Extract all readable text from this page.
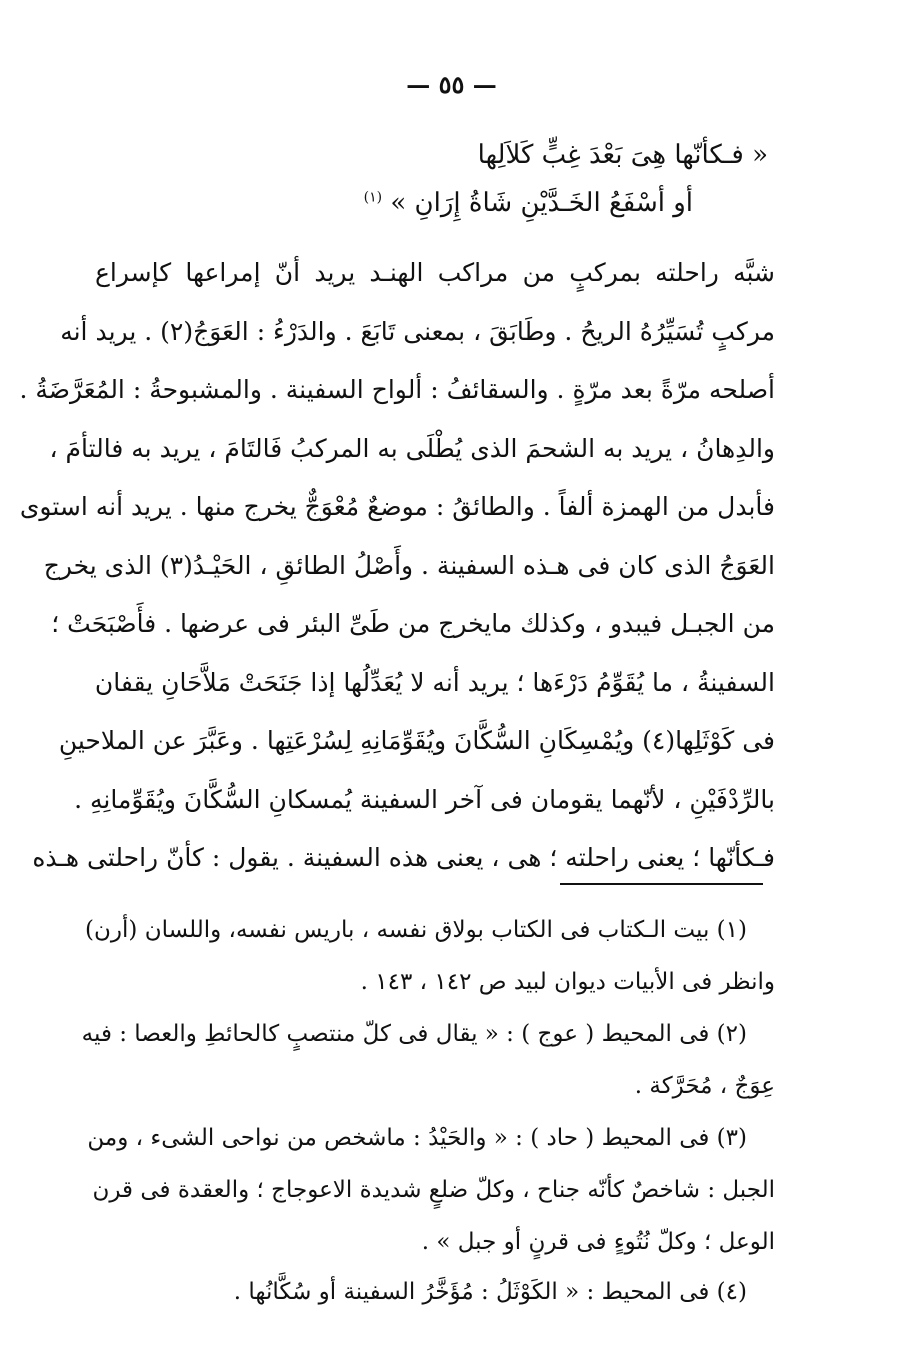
— ٥٥ —
« فـكأنّها هِىَ بَعْدَ غِبٍّ كَلاَلِها
أو أسْفَعُ الخَـدَّيْنِ شَاةُ إِرَانِ » $^{(١)}$
شبَّه راحلته بمركبٍ من مراكب الهنـد يريد أنّ إمراعها كإسراع
مركبٍ تُسَيِّرُهُ الريحُ . وطَابَقَ ، بمعنى تَابَعَ . والدَرْءُ : العَوَجُ(٢) . يريد أنه
أصلحه مرّةً بعد مرّةٍ . والسقائفُ : ألواح السفينة . والمشبوحةُ : المُعَرَّضَةُ .
والدِهانُ ، يريد به الشحمَ الذى يُطْلَى به المركبُ فَالتَامَ ، يريد به فالتأمَ ،
فأبدل من الهمزة ألفاً . والطائقُ : موضعٌ مُعْوَجٌّ يخرج منها . يريد أنه استوى
العَوَجُ الذى كان فى هـذه السفينة . وأَصْلُ الطائقِ ، الحَيْـدُ(٣) الذى يخرج
من الجبـل فيبدو ، وكذلك مايخرج من طَىِّ البئر فى عرضها . فأَصْبَحَتْ ؛
السفينةُ ، ما يُقَوِّمُ دَرْءَها ؛ يريد أنه لا يُعَدِّلُها إذا جَنَحَتْ مَلاَّحَانِ يقفان
فى كَوْثَلِها(٤) ويُمْسِكَانِ السُّكَّانَ ويُقَوِّمَانِهِ لِسُرْعَتِها . وعَبَّرَ عن الملاحينِ
بالرِّدْفَيْنِ ، لأنّهما يقومان فى آخر السفينة يُمسكانِ السُّكَّانَ ويُقَوِّمانِهِ .
فـكأنّها ؛ يعنى راحلته ؛ هى ، يعنى هذه السفينة . يقول : كأنّ راحلتى هـذه
(١) بيت الـكتاب فى الكتاب بولاق نفسه ، باريس نفسه، واللسان (أرن)
وانظر فى الأبيات ديوان لبيد ص ١٤٢ ، ١٤٣ .
(٢) فى المحيط ( عوج ) : « يقال فى كلّ منتصبٍ كالحائطِ والعصا : فيه
عِوَجٌ ، مُحَرَّكة .
(٣) فى المحيط ( حاد ) : « والحَيْدُ : ماشخص من نواحى الشىء ، ومن
الجبل : شاخصٌ كأنّه جناح ، وكلّ ضلعٍ شديدة الاعوجاج ؛ والعقدة فى قرن
الوعل ؛ وكلّ نُتُوءٍ فى قرنٍ أو جبل » .
(٤) فى المحيط : « الكَوْثَلُ : مُؤَخَّرُ السفينة أو سُكَّانُها .
